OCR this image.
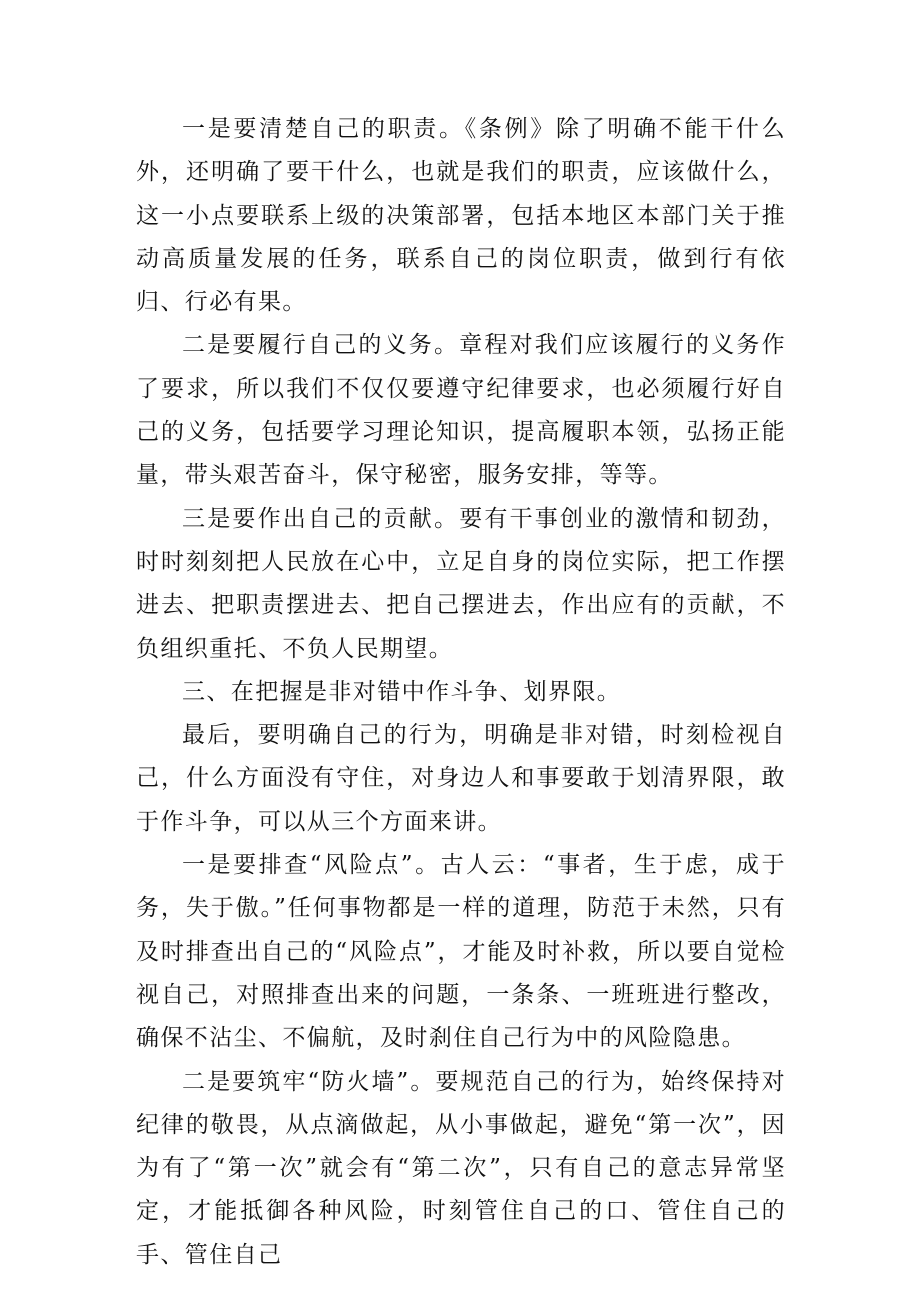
一是要清楚自己的职责。《条例》除了明确不能干什么外，还明确了要干什么，也就是我们的职责，应该做什么，这一小点要联系上级的决策部署，包括本地区本部门关于推动高质量发展的任务，联系自己的岗位职责，做到行有依归、行必有果。

二是要履行自己的义务。章程对我们应该履行的义务作了要求，所以我们不仅仅要遵守纪律要求，也必须履行好自己的义务，包括要学习理论知识，提高履职本领，弘扬正能量，带头艰苦奋斗，保守秘密，服务安排，等等。

三是要作出自己的贡献。要有干事创业的激情和韧劲，时时刻刻把人民放在心中，立足自身的岗位实际，把工作摆进去、把职责摆进去、把自己摆进去，作出应有的贡献，不负组织重托、不负人民期望。

三、在把握是非对错中作斗争、划界限。

最后，要明确自己的行为，明确是非对错，时刻检视自己，什么方面没有守住，对身边人和事要敢于划清界限，敢于作斗争，可以从三个方面来讲。

一是要排查“风险点”。古人云：“事者，生于虑，成于务，失于傲。”任何事物都是一样的道理，防范于未然，只有及时排查出自己的“风险点”，才能及时补救，所以要自觉检视自己，对照排查出来的问题，一条条、一班班进行整改，确保不沾尘、不偏航，及时刹住自己行为中的风险隐患。

二是要筑牢“防火墙”。要规范自己的行为，始终保持对纪律的敬畏，从点滴做起，从小事做起，避免“第一次”，因为有了“第一次”就会有“第二次”，只有自己的意志异常坚定，才能抵御各种风险，时刻管住自己的口、管住自己的手、管住自己
